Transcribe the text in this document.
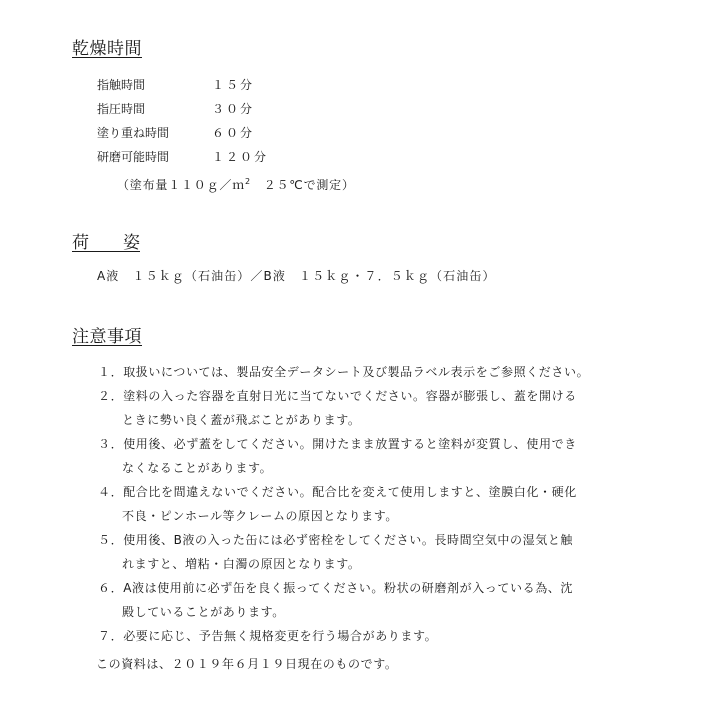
乾燥時間
指触時間	１５分
指圧時間	３０分
塗り重ね時間	６０分
研磨可能時間	１２０分
（塗布量１１０ｇ／ｍ$^2$　２５℃で測定）
荷　　姿
A液　１５ｋｇ（石油缶）／B液　１５ｋｇ・７．５ｋｇ（石油缶）
注意事項
１．取扱いについては、製品安全データシート及び製品ラベル表示をご参照ください。
２．塗料の入った容器を直射日光に当てないでください。容器が膨張し、蓋を開ける
ときに勢い良く蓋が飛ぶことがあります。
３．使用後、必ず蓋をしてください。開けたまま放置すると塗料が変質し、使用でき
なくなることがあります。
４．配合比を間違えないでください。配合比を変えて使用しますと、塗膜白化・硬化
不良・ピンホール等クレームの原因となります。
５．使用後、B液の入った缶には必ず密栓をしてください。長時間空気中の湿気と触
れますと、増粘・白濁の原因となります。
６．A液は使用前に必ず缶を良く振ってください。粉状の研磨剤が入っている為、沈
殿していることがあります。
７．必要に応じ、予告無く規格変更を行う場合があります。
この資料は、２０１９年６月１９日現在のものです。
